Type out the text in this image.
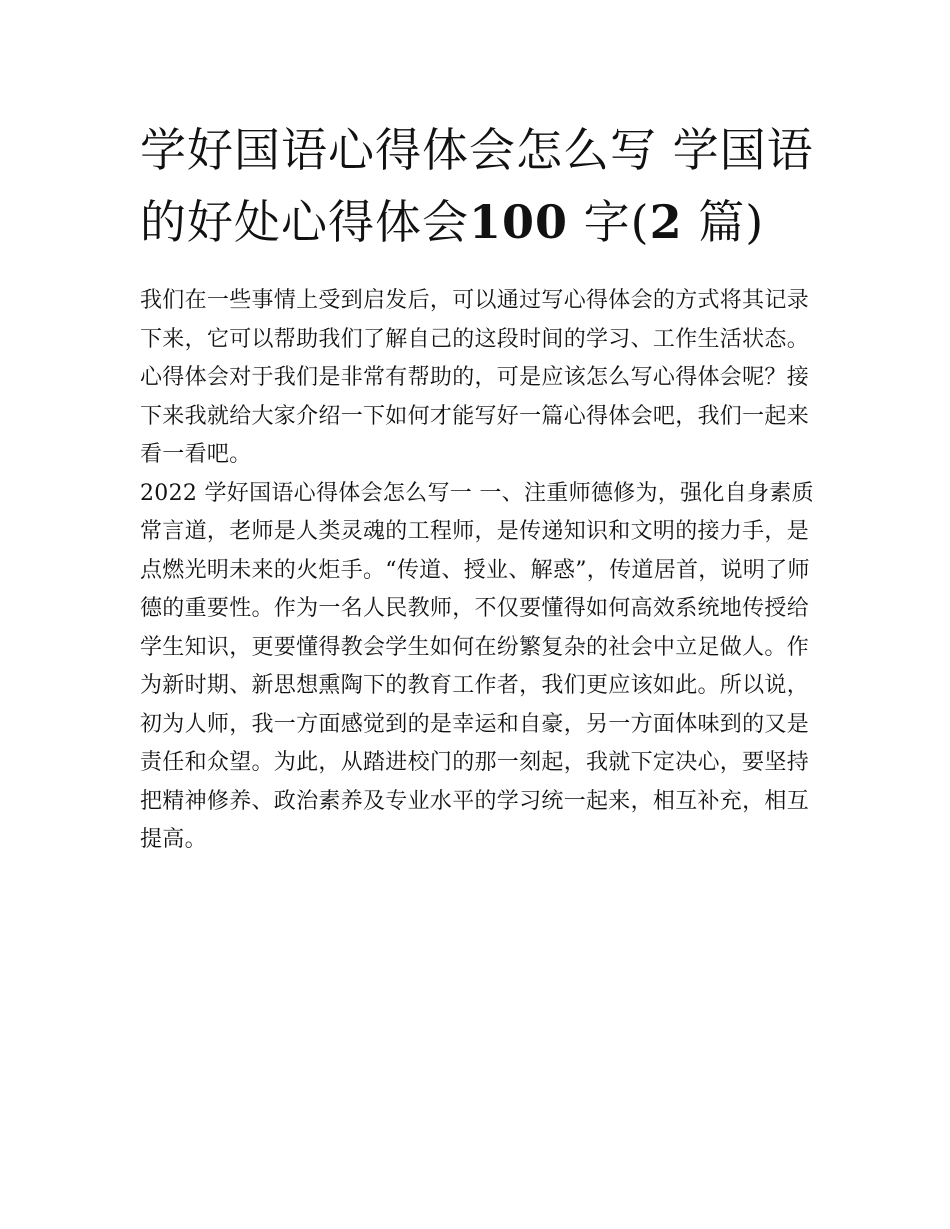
学好国语心得体会怎么写 学国语的好处心得体会100 字(2 篇)

我们在一些事情上受到启发后，可以通过写心得体会的方式将其记录下来，它可以帮助我们了解自己的这段时间的学习、工作生活状态。心得体会对于我们是非常有帮助的，可是应该怎么写心得体会呢？接下来我就给大家介绍一下如何才能写好一篇心得体会吧，我们一起来看一看吧。

2022 学好国语心得体会怎么写一 一、注重师德修为，强化自身素质

常言道，老师是人类灵魂的工程师，是传递知识和文明的接力手，是点燃光明未来的火炬手。“传道、授业、解惑”，传道居首，说明了师德的重要性。作为一名人民教师，不仅要懂得如何高效系统地传授给学生知识，更要懂得教会学生如何在纷繁复杂的社会中立足做人。作为新时期、新思想熏陶下的教育工作者，我们更应该如此。所以说，初为人师，我一方面感觉到的是幸运和自豪，另一方面体味到的又是责任和众望。为此，从踏进校门的那一刻起，我就下定决心，要坚持把精神修养、政治素养及专业水平的学习统一起来，相互补充，相互提高。
